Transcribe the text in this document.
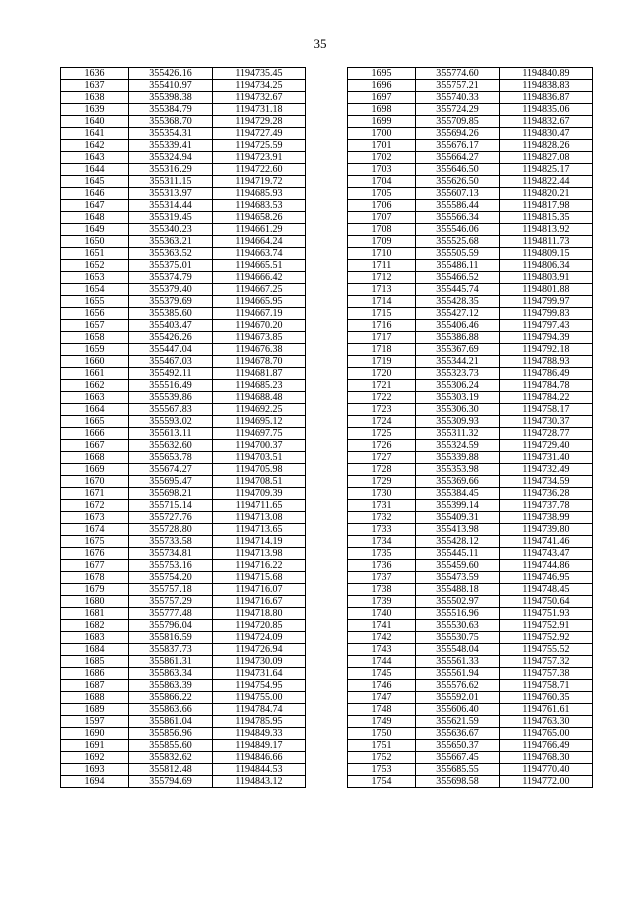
35
1636	355426.16	1194735.45
1637	355410.97	1194734.25
1638	355398.38	1194732.67
1639	355384.79	1194731.18
1640	355368.70	1194729.28
1641	355354.31	1194727.49
1642	355339.41	1194725.59
1643	355324.94	1194723.91
1644	355316.29	1194722.60
1645	355311.15	1194719.72
1646	355313.97	1194685.93
1647	355314.44	1194683.53
1648	355319.45	1194658.26
1649	355340.23	1194661.29
1650	355363.21	1194664.24
1651	355363.52	1194663.74
1652	355375.01	1194665.51
1653	355374.79	1194666.42
1654	355379.40	1194667.25
1655	355379.69	1194665.95
1656	355385.60	1194667.19
1657	355403.47	1194670.20
1658	355426.26	1194673.85
1659	355447.04	1194676.38
1660	355467.03	1194678.70
1661	355492.11	1194681.87
1662	355516.49	1194685.23
1663	355539.86	1194688.48
1664	355567.83	1194692.25
1665	355593.02	1194695.12
1666	355613.11	1194697.75
1667	355632.60	1194700.37
1668	355653.78	1194703.51
1669	355674.27	1194705.98
1670	355695.47	1194708.51
1671	355698.21	1194709.39
1672	355715.14	1194711.65
1673	355727.76	1194713.08
1674	355728.80	1194713.65
1675	355733.58	1194714.19
1676	355734.81	1194713.98
1677	355753.16	1194716.22
1678	355754.20	1194715.68
1679	355757.18	1194716.07
1680	355757.29	1194716.67
1681	355777.48	1194718.80
1682	355796.04	1194720.85
1683	355816.59	1194724.09
1684	355837.73	1194726.94
1685	355861.31	1194730.09
1686	355863.34	1194731.64
1687	355863.39	1194754.95
1688	355866.22	1194755.00
1689	355863.66	1194784.74
1597	355861.04	1194785.95
1690	355856.96	1194849.33
1691	355855.60	1194849.17
1692	355832.62	1194846.66
1693	355812.48	1194844.53
1694	355794.69	1194843.12
1695	355774.60	1194840.89
1696	355757.21	1194838.83
1697	355740.33	1194836.87
1698	355724.29	1194835.06
1699	355709.85	1194832.67
1700	355694.26	1194830.47
1701	355676.17	1194828.26
1702	355664.27	1194827.08
1703	355646.50	1194825.17
1704	355626.50	1194822.44
1705	355607.13	1194820.21
1706	355586.44	1194817.98
1707	355566.34	1194815.35
1708	355546.06	1194813.92
1709	355525.68	1194811.73
1710	355505.59	1194809.15
1711	355486.11	1194806.34
1712	355466.52	1194803.91
1713	355445.74	1194801.88
1714	355428.35	1194799.97
1715	355427.12	1194799.83
1716	355406.46	1194797.43
1717	355386.88	1194794.39
1718	355367.69	1194792.18
1719	355344.21	1194788.93
1720	355323.73	1194786.49
1721	355306.24	1194784.78
1722	355303.19	1194784.22
1723	355306.30	1194758.17
1724	355309.93	1194730.37
1725	355311.32	1194728.77
1726	355324.59	1194729.40
1727	355339.88	1194731.40
1728	355353.98	1194732.49
1729	355369.66	1194734.59
1730	355384.45	1194736.28
1731	355399.14	1194737.78
1732	355409.31	1194738.99
1733	355413.98	1194739.80
1734	355428.12	1194741.46
1735	355445.11	1194743.47
1736	355459.60	1194744.86
1737	355473.59	1194746.95
1738	355488.18	1194748.45
1739	355502.97	1194750.64
1740	355516.96	1194751.93
1741	355530.63	1194752.91
1742	355530.75	1194752.92
1743	355548.04	1194755.52
1744	355561.33	1194757.32
1745	355561.94	1194757.38
1746	355576.62	1194758.71
1747	355592.01	1194760.35
1748	355606.40	1194761.61
1749	355621.59	1194763.30
1750	355636.67	1194765.00
1751	355650.37	1194766.49
1752	355667.45	1194768.30
1753	355685.55	1194770.40
1754	355698.58	1194772.00
